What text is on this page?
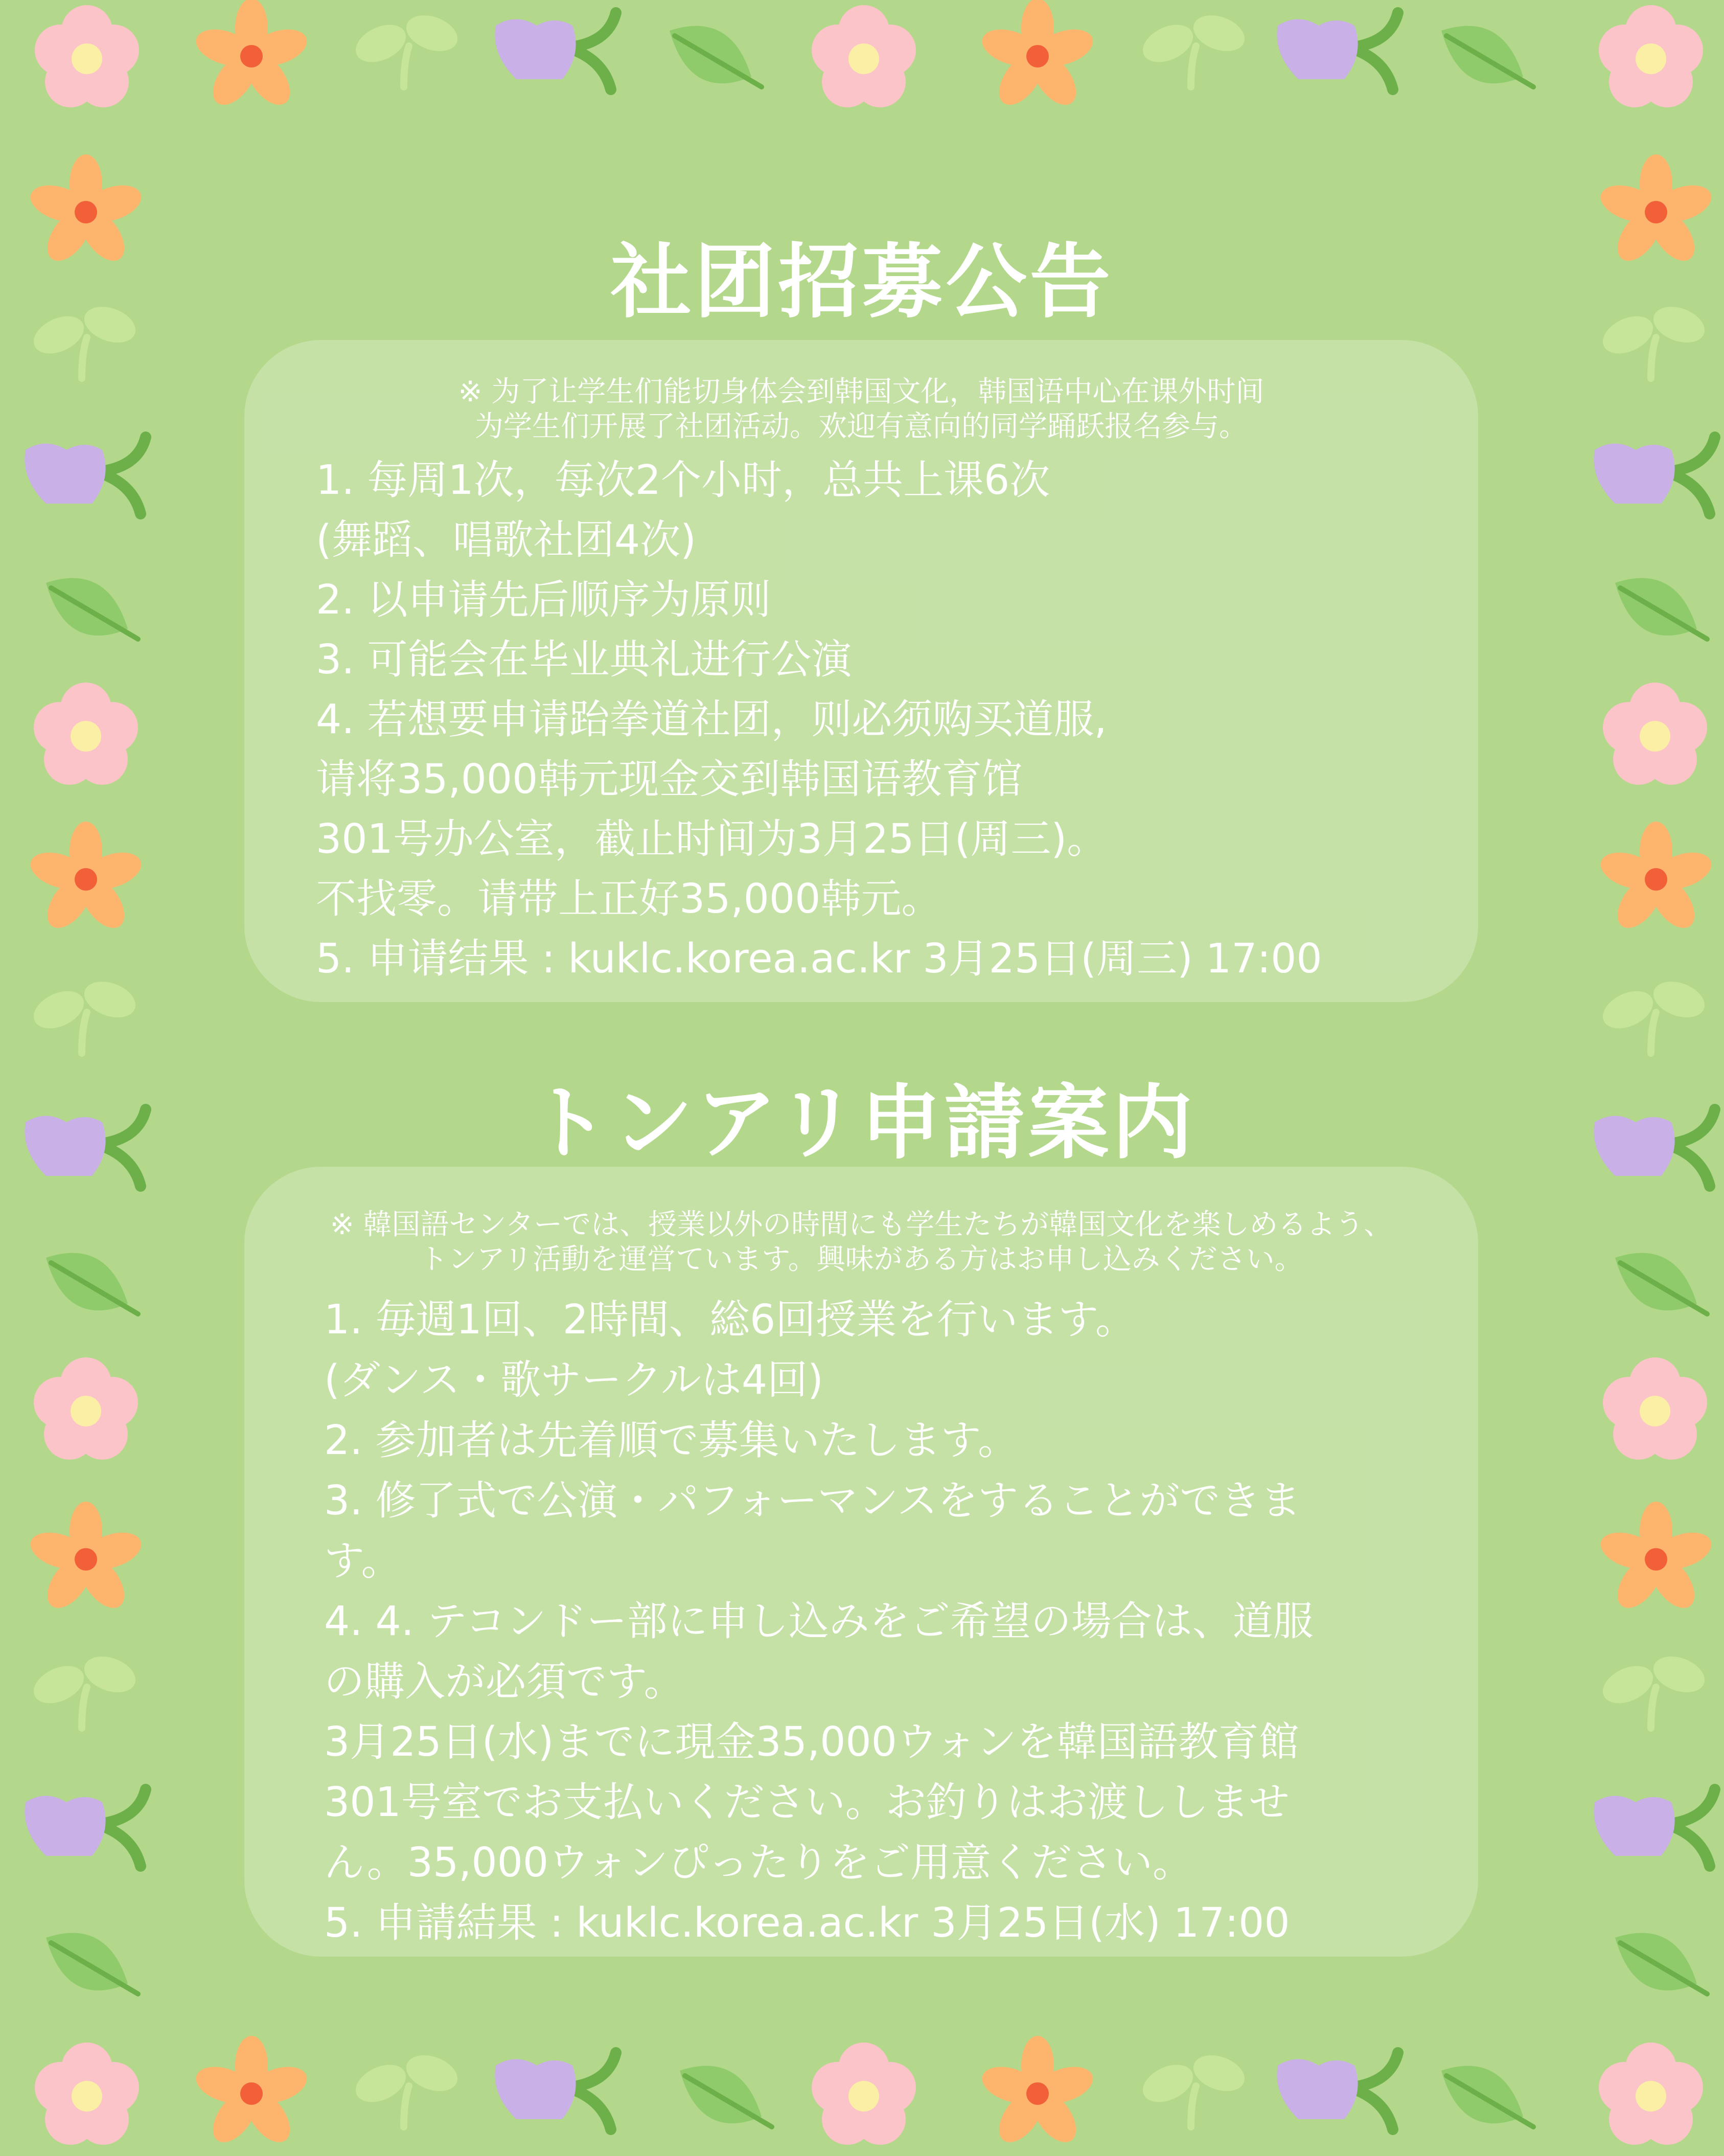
社团招募公告
※ 为了让学生们能切身体会到韩国文化，韩国语中心在课外时间
为学生们开展了社团活动。欢迎有意向的同学踊跃报名参与。
1. 每周1次，每次2个小时，总共上课6次
(舞蹈、唱歌社团4次)
2. 以申请先后顺序为原则
3. 可能会在毕业典礼进行公演
4. 若想要申请跆拳道社团，则必须购买道服,
请将35,000韩元现金交到韩国语教育馆
301号办公室，截止时间为3月25日(周三)。
不找零。请带上正好35,000韩元。
5. 申请结果 : kuklc.korea.ac.kr 3月25日(周三) 17:00
トンアリ申請案内
※ 韓国語センターでは、授業以外の時間にも学生たちが韓国文化を楽しめるよう、
トンアリ活動を運営ています。興味がある方はお申し込みください。
1. 毎週1回、2時間、総6回授業を行います。
(ダンス・歌サークルは4回)
2. 参加者は先着順で募集いたします。
3. 修了式で公演・パフォーマンスをすることができま
す。
4. 4. テコンドー部に申し込みをご希望の場合は、道服
の購入が必須です。
3月25日(水)までに現金35,000ウォンを韓国語教育館
301号室でお支払いください。お釣りはお渡ししませ
ん。35,000ウォンぴったりをご用意ください。
5. 申請結果 : kuklc.korea.ac.kr 3月25日(水) 17:00
